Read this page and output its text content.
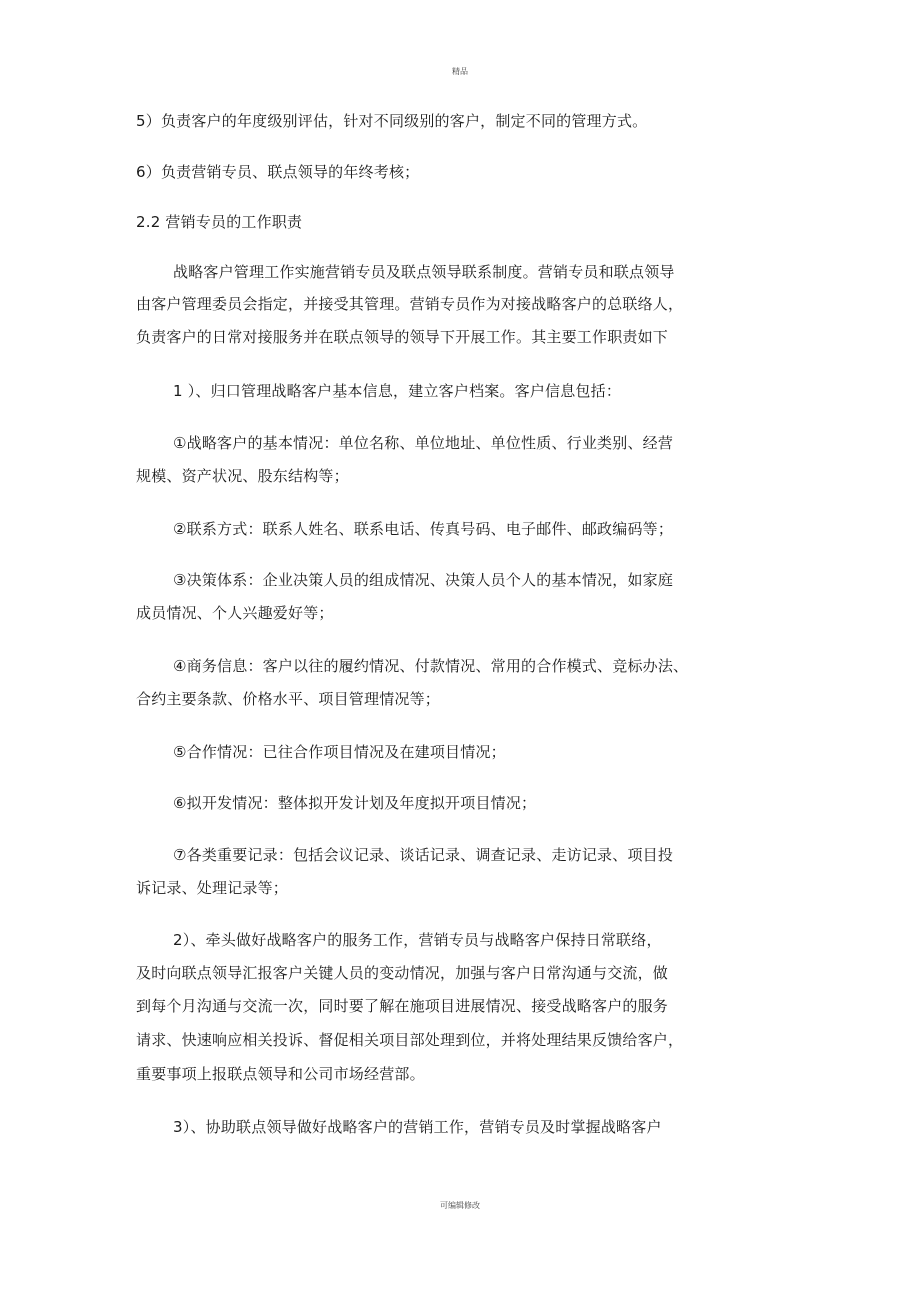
精品
5）负责客户的年度级别评估，针对不同级别的客户，制定不同的管理方式。
6）负责营销专员、联点领导的年终考核；
2.2 营销专员的工作职责
战略客户管理工作实施营销专员及联点领导联系制度。营销专员和联点领导
由客户管理委员会指定，并接受其管理。营销专员作为对接战略客户的总联络人，
负责客户的日常对接服务并在联点领导的领导下开展工作。其主要工作职责如下
1 ）、归口管理战略客户基本信息，建立客户档案。客户信息包括：
①战略客户的基本情况：单位名称、单位地址、单位性质、行业类别、经营
规模、资产状况、股东结构等；
②联系方式：联系人姓名、联系电话、传真号码、电子邮件、邮政编码等；
③决策体系：企业决策人员的组成情况、决策人员个人的基本情况，如家庭
成员情况、个人兴趣爱好等；
④商务信息：客户以往的履约情况、付款情况、常用的合作模式、竞标办法、
合约主要条款、价格水平、项目管理情况等；
⑤合作情况：已往合作项目情况及在建项目情况；
⑥拟开发情况：整体拟开发计划及年度拟开项目情况；
⑦各类重要记录：包括会议记录、谈话记录、调查记录、走访记录、项目投
诉记录、处理记录等；
2）、牵头做好战略客户的服务工作，营销专员与战略客户保持日常联络，
及时向联点领导汇报客户关键人员的变动情况，加强与客户日常沟通与交流，做
到每个月沟通与交流一次，同时要了解在施项目进展情况、接受战略客户的服务
请求、快速响应相关投诉、督促相关项目部处理到位，并将处理结果反馈给客户，
重要事项上报联点领导和公司市场经营部。
3）、协助联点领导做好战略客户的营销工作，营销专员及时掌握战略客户
可编辑修改
